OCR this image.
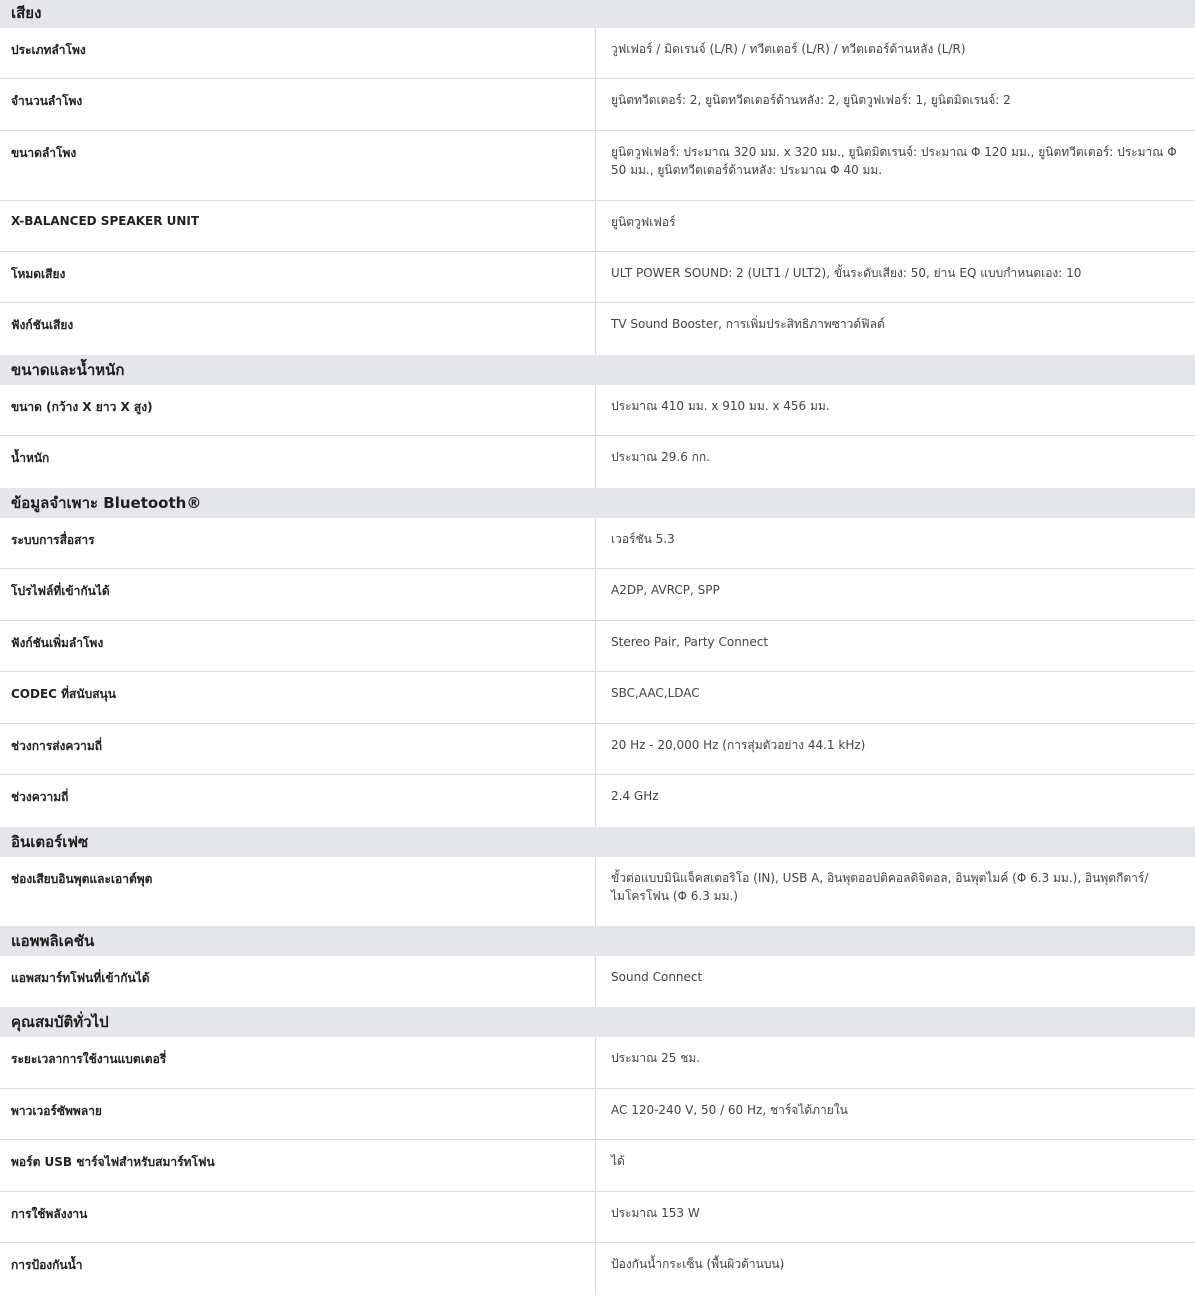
เสียง
ประเภทลำโพง	วูฟเฟอร์ / มิดเรนจ์ (L/R) / ทวีตเตอร์ (L/R) / ทวีตเตอร์ด้านหลัง (L/R)
จำนวนลำโพง	ยูนิตทวีตเตอร์: 2, ยูนิตทวีตเตอร์ด้านหลัง: 2, ยูนิตวูฟเฟอร์: 1, ยูนิตมิดเรนจ์: 2
ขนาดลำโพง	ยูนิตวูฟเฟอร์: ประมาณ 320 มม. x 320 มม., ยูนิตมิดเรนจ์: ประมาณ Φ 120 มม., ยูนิตทวีตเตอร์: ประมาณ Φ 50 มม., ยูนิตทวีตเตอร์ด้านหลัง: ประมาณ Φ 40 มม.
X-BALANCED SPEAKER UNIT	ยูนิตวูฟเฟอร์
โหมดเสียง	ULT POWER SOUND: 2 (ULT1 / ULT2), ขั้นระดับเสียง: 50, ย่าน EQ แบบกำหนดเอง: 10
ฟังก์ชันเสียง	TV Sound Booster, การเพิ่มประสิทธิภาพซาวด์ฟิลด์
ขนาดและน้ำหนัก
ขนาด (กว้าง X ยาว X สูง)	ประมาณ 410 มม. x 910 มม. x 456 มม.
น้ำหนัก	ประมาณ 29.6 กก.
ข้อมูลจำเพาะ Bluetooth®
ระบบการสื่อสาร	เวอร์ชัน 5.3
โปรไฟล์ที่เข้ากันได้	A2DP, AVRCP, SPP
ฟังก์ชันเพิ่มลำโพง	Stereo Pair, Party Connect
CODEC ที่สนับสนุน	SBC,AAC,LDAC
ช่วงการส่งความถี่	20 Hz - 20,000 Hz (การสุ่มตัวอย่าง 44.1 kHz)
ช่วงความถี่	2.4 GHz
อินเตอร์เฟซ
ช่องเสียบอินพุตและเอาต์พุต	ขั้วต่อแบบมินิแจ็คสเตอริโอ (IN), USB A, อินพุตออปติคอลดิจิตอล, อินพุตไมค์ (Φ 6.3 มม.), อินพุตกีตาร์/ไมโครโฟน (Φ 6.3 มม.)
แอพพลิเคชัน
แอพสมาร์ทโฟนที่เข้ากันได้	Sound Connect
คุณสมบัติทั่วไป
ระยะเวลาการใช้งานแบตเตอรี่	ประมาณ 25 ชม.
พาวเวอร์ซัพพลาย	AC 120-240 V, 50 / 60 Hz, ชาร์จได้ภายใน
พอร์ต USB ชาร์จไฟสำหรับสมาร์ทโฟน	ได้
การใช้พลังงาน	ประมาณ 153 W
การป้องกันน้ำ	ป้องกันน้ำกระเซ็น (พื้นผิวด้านบน)
